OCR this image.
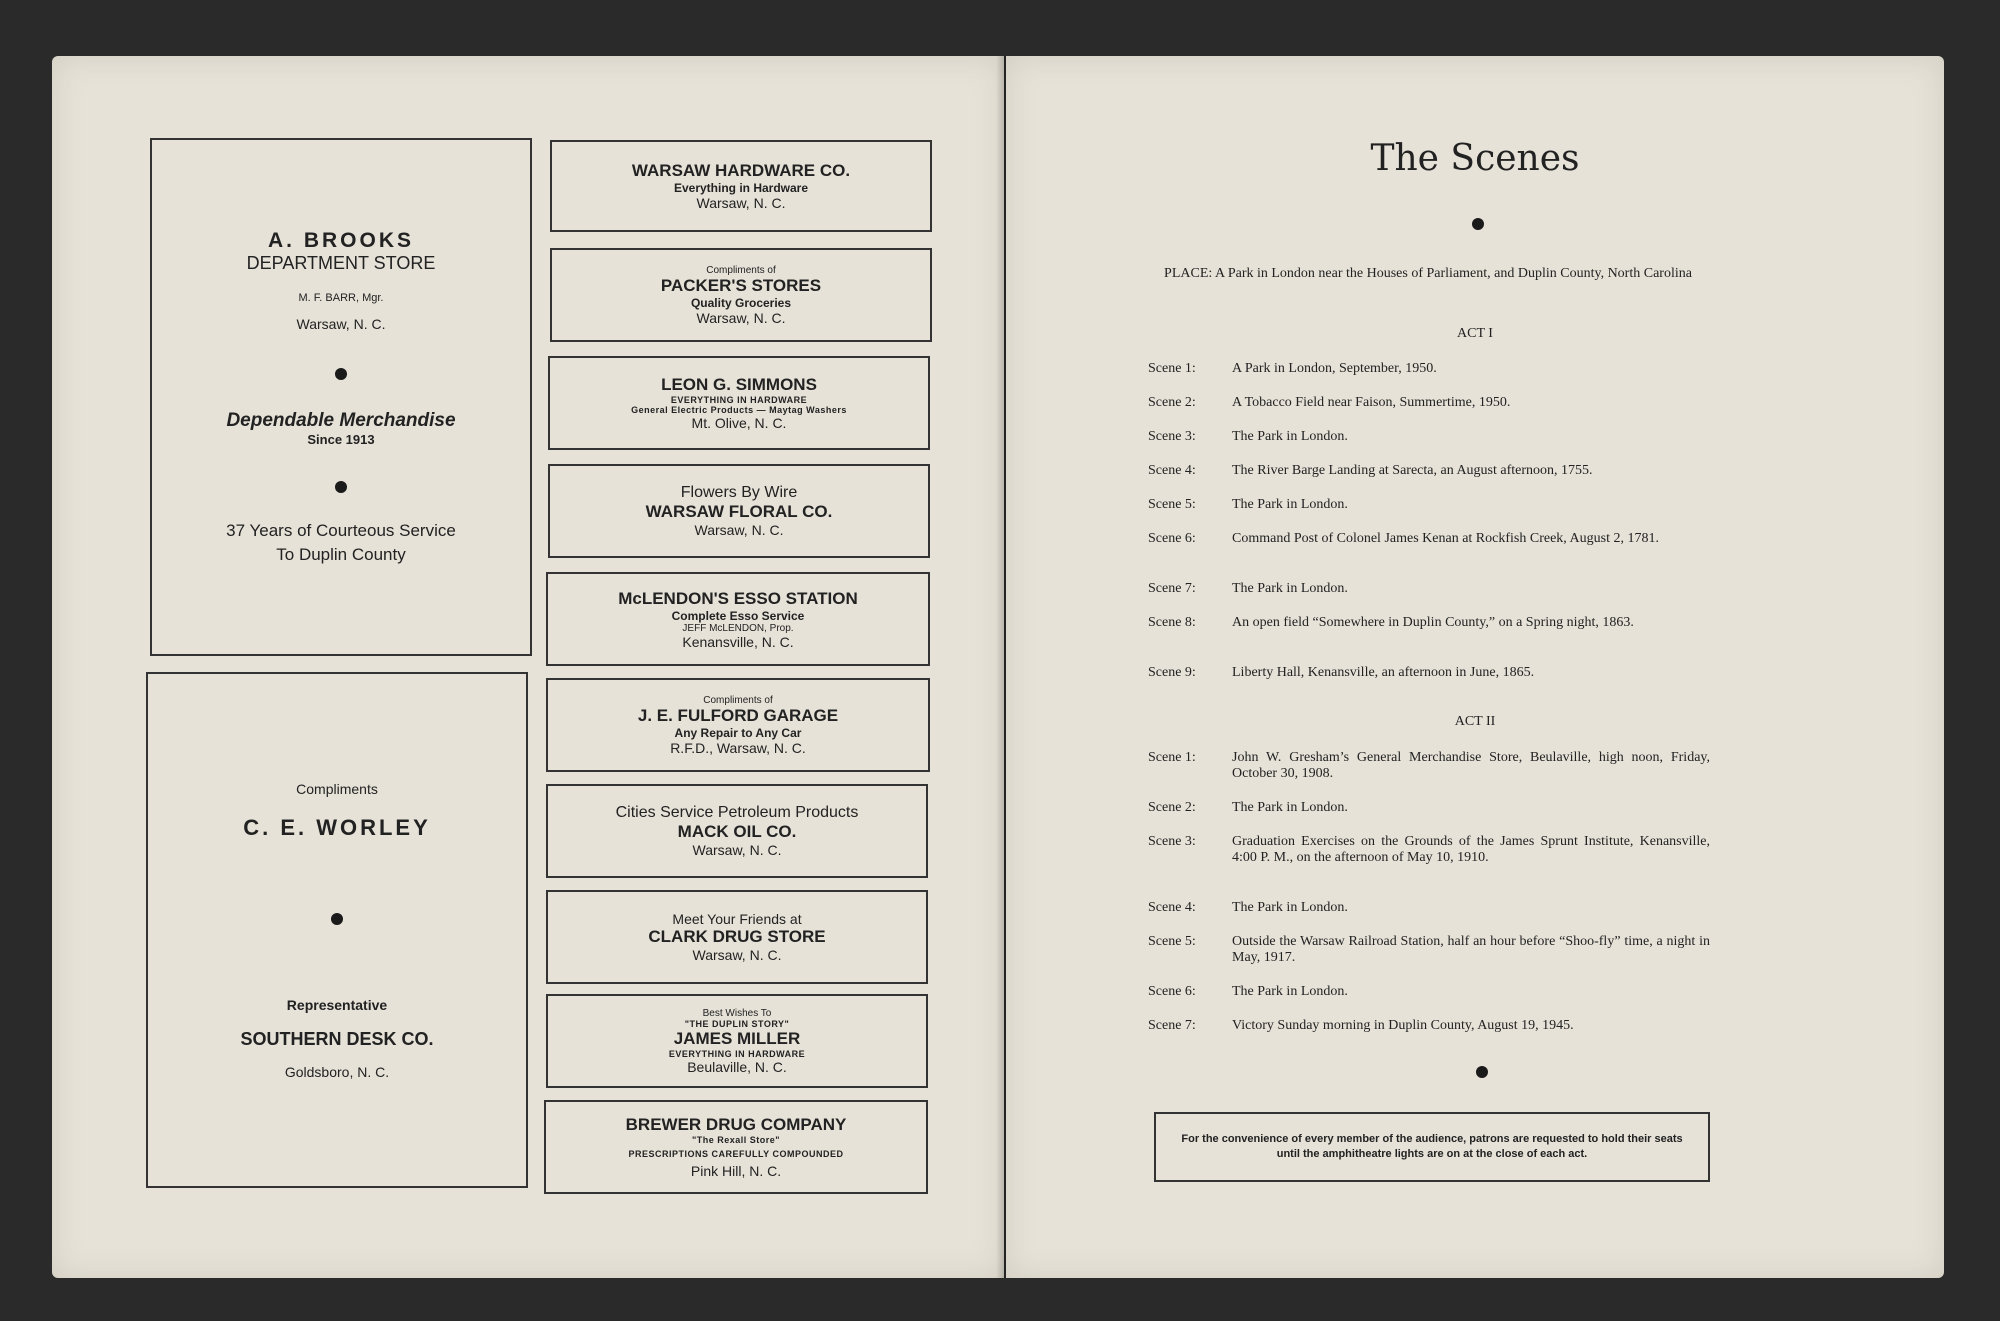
A. BROOKS
DEPARTMENT STORE
M. F. BARR, Mgr.
Warsaw, N. C.
Dependable Merchandise
Since 1913
37 Years of Courteous Service
To Duplin County
Compliments
C. E. WORLEY
Representative
SOUTHERN DESK CO.
Goldsboro, N. C.
WARSAW HARDWARE CO.
Everything in Hardware
Warsaw, N. C.
Compliments of
PACKER'S STORES
Quality Groceries
Warsaw, N. C.
LEON G. SIMMONS
EVERYTHING IN HARDWARE
General Electric Products — Maytag Washers
Mt. Olive, N. C.
Flowers By Wire
WARSAW FLORAL CO.
Warsaw, N. C.
McLENDON'S ESSO STATION
Complete Esso Service
JEFF McLENDON, Prop.
Kenansville, N. C.
Compliments of
J. E. FULFORD GARAGE
Any Repair to Any Car
R.F.D., Warsaw, N. C.
Cities Service Petroleum Products
MACK OIL CO.
Warsaw, N. C.
Meet Your Friends at
CLARK DRUG STORE
Warsaw, N. C.
Best Wishes To
"THE DUPLIN STORY"
JAMES MILLER
EVERYTHING IN HARDWARE
Beulaville, N. C.
BREWER DRUG COMPANY
"The Rexall Store"
PRESCRIPTIONS CAREFULLY COMPOUNDED
Pink Hill, N. C.
The Scenes
PLACE: A Park in London near the Houses of Parliament, and Duplin County, North Carolina
ACT I
Scene 1:	A Park in London, September, 1950.
Scene 2:	A Tobacco Field near Faison, Summertime, 1950.
Scene 3:	The Park in London.
Scene 4:	The River Barge Landing at Sarecta, an August afternoon, 1755.
Scene 5:	The Park in London.
Scene 6:	Command Post of Colonel James Kenan at Rockfish Creek, August 2, 1781.
Scene 7:	The Park in London.
Scene 8:	An open field “Somewhere in Duplin County,” on a Spring night, 1863.
Scene 9:	Liberty Hall, Kenansville, an afternoon in June, 1865.
ACT II
Scene 1:	John W. Gresham’s General Merchandise Store, Beulaville, high noon, Friday, October 30, 1908.
Scene 2:	The Park in London.
Scene 3:	Graduation Exercises on the Grounds of the James Sprunt Institute, Kenansville, 4:00 P. M., on the afternoon of May 10, 1910.
Scene 4:	The Park in London.
Scene 5:	Outside the Warsaw Railroad Station, half an hour before “Shoo-fly” time, a night in May, 1917.
Scene 6:	The Park in London.
Scene 7:	Victory Sunday morning in Duplin County, August 19, 1945.
For the convenience of every member of the audience, patrons are requested to hold their seats until the amphitheatre lights are on at the close of each act.
